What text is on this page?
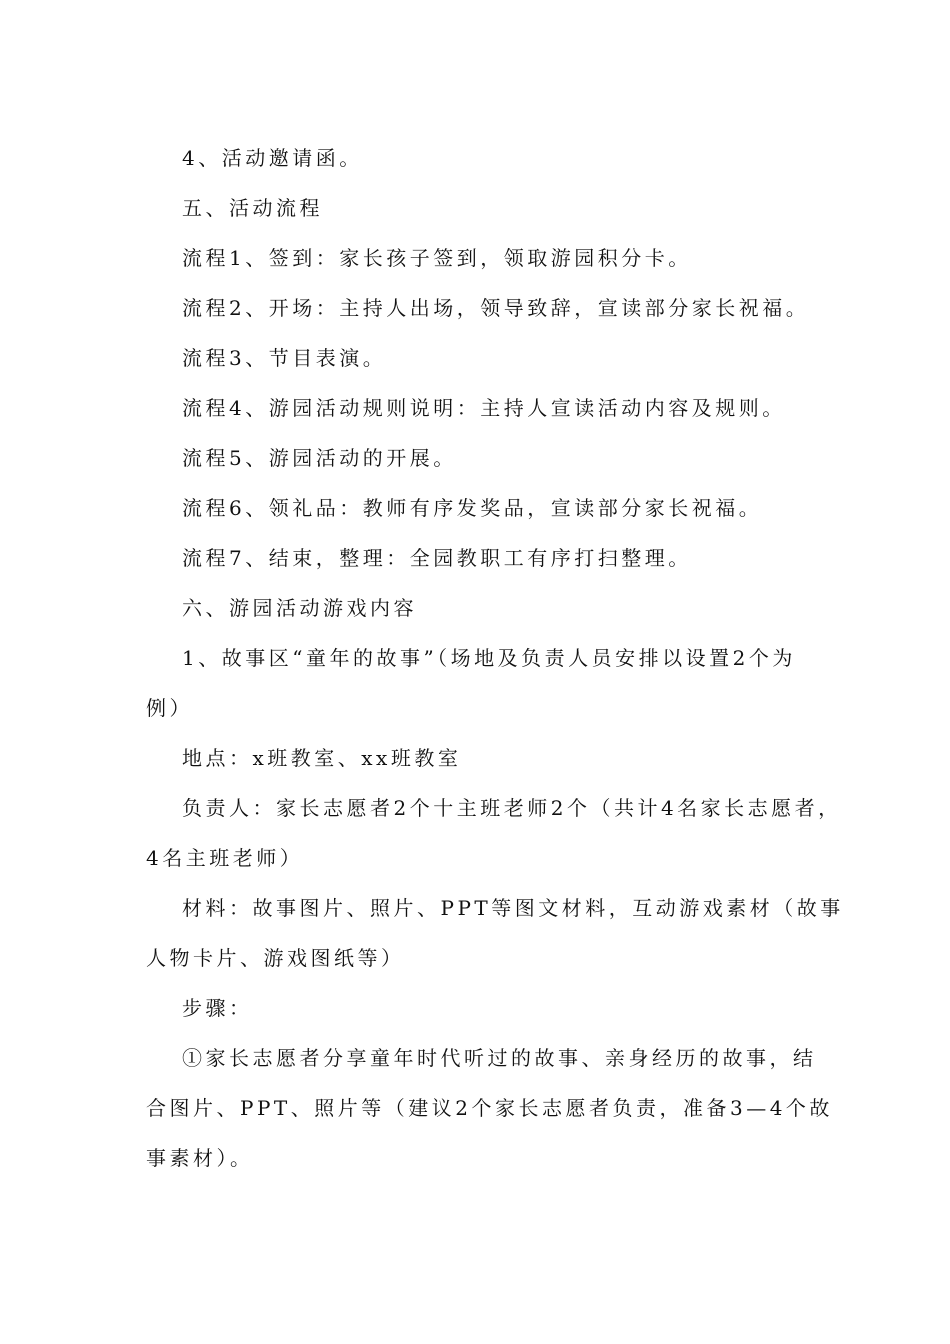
4、活动邀请函。

五、活动流程

流程1、签到：家长孩子签到，领取游园积分卡。

流程2、开场：主持人出场，领导致辞，宣读部分家长祝福。

流程3、节目表演。

流程4、游园活动规则说明：主持人宣读活动内容及规则。

流程5、游园活动的开展。

流程6、领礼品：教师有序发奖品，宣读部分家长祝福。

流程7、结束，整理：全园教职工有序打扫整理。

六、游园活动游戏内容

1、故事区“童年的故事”（场地及负责人员安排以设置2个为

例）

地点：x班教室、xx班教室

负责人：家长志愿者2个十主班老师2个（共计4名家长志愿者，

4名主班老师）

材料：故事图片、照片、PPT等图文材料，互动游戏素材（故事

人物卡片、游戏图纸等）

步骤：

①家长志愿者分享童年时代听过的故事、亲身经历的故事，结

合图片、PPT、照片等（建议2个家长志愿者负责，准备3—4个故

事素材）。
